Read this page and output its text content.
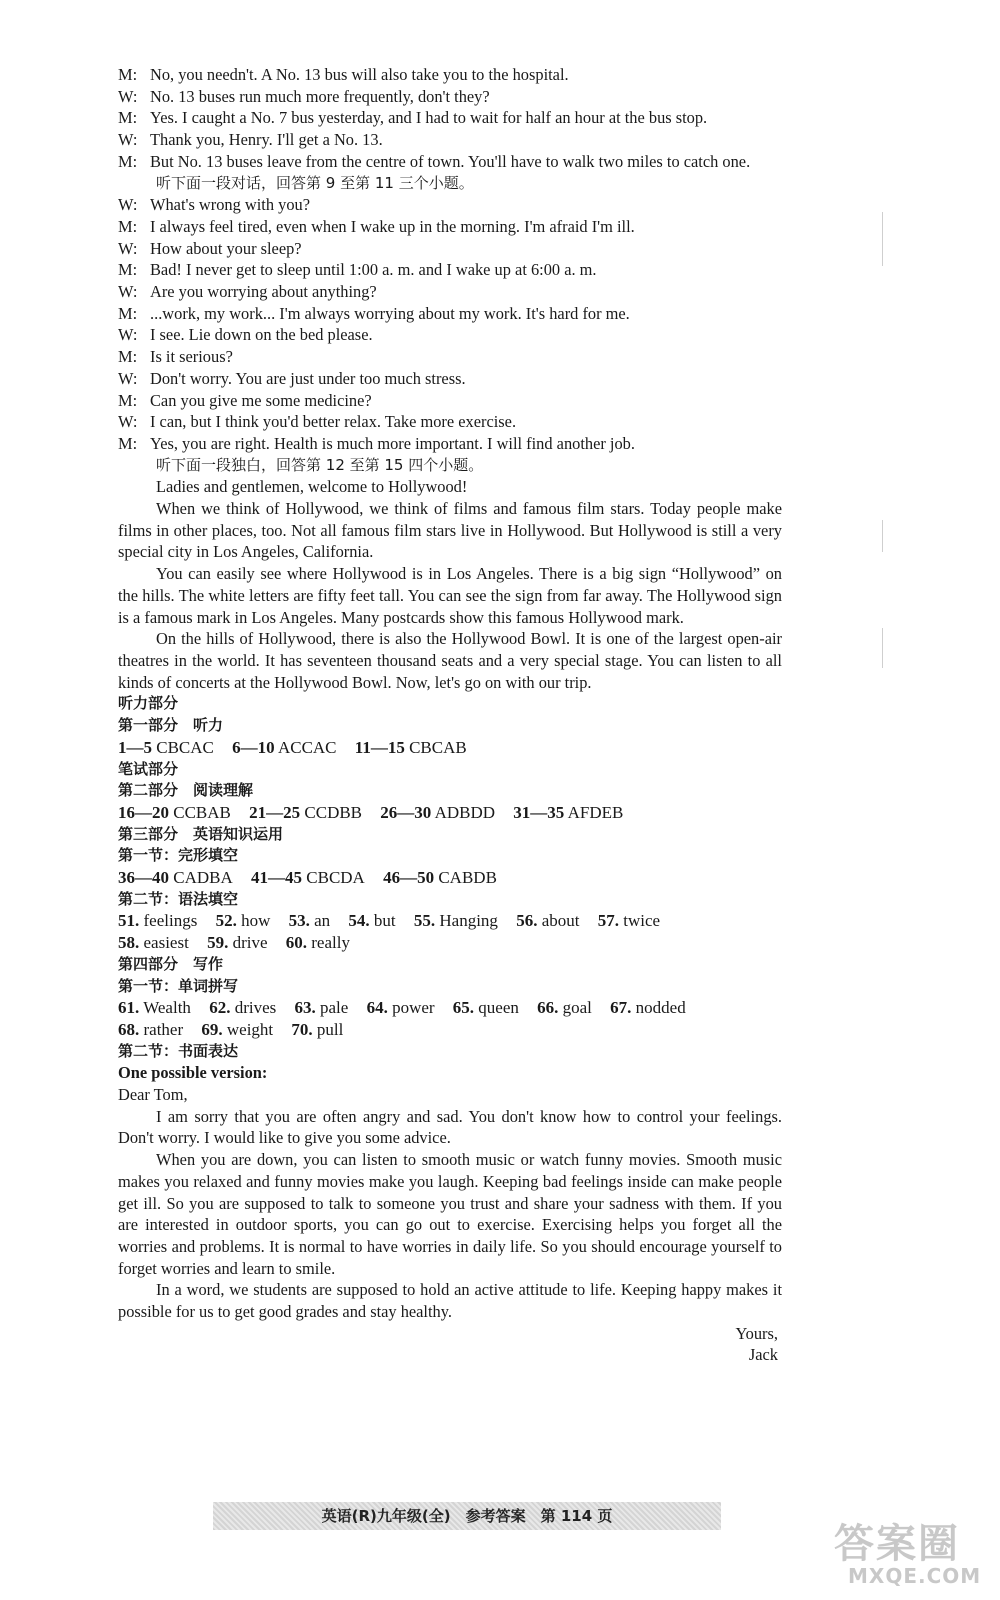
M: No, you needn't. A No. 13 bus will also take you to the hospital.
W: No. 13 buses run much more frequently, don't they?
M: Yes. I caught a No. 7 bus yesterday, and I had to wait for half an hour at the bus stop.
W: Thank you, Henry. I'll get a No. 13.
M: But No. 13 buses leave from the centre of town. You'll have to walk two miles to catch one.
听下面一段对话，回答第 9 至第 11 三个小题。
W: What's wrong with you?
M: I always feel tired, even when I wake up in the morning. I'm afraid I'm ill.
W: How about your sleep?
M: Bad! I never get to sleep until 1:00 a. m. and I wake up at 6:00 a. m.
W: Are you worrying about anything?
M: ...work, my work... I'm always worrying about my work. It's hard for me.
W: I see. Lie down on the bed please.
M: Is it serious?
W: Don't worry. You are just under too much stress.
M: Can you give me some medicine?
W: I can, but I think you'd better relax. Take more exercise.
M: Yes, you are right. Health is much more important. I will find another job.
听下面一段独白，回答第 12 至第 15 四个小题。
Ladies and gentlemen, welcome to Hollywood!
When we think of Hollywood, we think of films and famous film stars. Today people make films in other places, too. Not all famous film stars live in Hollywood. But Hollywood is still a very special city in Los Angeles, California.
You can easily see where Hollywood is in Los Angeles. There is a big sign “Hollywood” on the hills. The white letters are fifty feet tall. You can see the sign from far away. The Hollywood sign is a famous mark in Los Angeles. Many postcards show this famous Hollywood mark.
On the hills of Hollywood, there is also the Hollywood Bowl. It is one of the largest open-air theatres in the world. It has seventeen thousand seats and a very special stage. You can listen to all kinds of concerts at the Hollywood Bowl. Now, let's go on with our trip.
听力部分
第一部分　听力
1—5 CBCAC 6—10 ACCAC 11—15 CBCAB
笔试部分
第二部分　阅读理解
16—20 CCBAB 21—25 CCDBB 26—30 ADBDD 31—35 AFDEB
第三部分　英语知识运用
第一节：完形填空
36—40 CADBA 41—45 CBCDA 46—50 CABDB
第二节：语法填空
51. feelings 52. how 53. an 54. but 55. Hanging 56. about 57. twice
58. easiest 59. drive 60. really
第四部分　写作
第一节：单词拼写
61. Wealth 62. drives 63. pale 64. power 65. queen 66. goal 67. nodded
68. rather 69. weight 70. pull
第二节：书面表达
One possible version:
Dear Tom,
I am sorry that you are often angry and sad. You don't know how to control your feelings. Don't worry. I would like to give you some advice.
When you are down, you can listen to smooth music or watch funny movies. Smooth music makes you relaxed and funny movies make you laugh. Keeping bad feelings inside can make people get ill. So you are supposed to talk to someone you trust and share your sadness with them. If you are interested in outdoor sports, you can go out to exercise. Exercising helps you forget all the worries and problems. It is normal to have worries in daily life. So you should encourage yourself to forget worries and learn to smile.
In a word, we students are supposed to hold an active attitude to life. Keeping happy makes it possible for us to get good grades and stay healthy.
Yours,
Jack
英语(R)九年级(全)　参考答案　第 114 页
答案圈
MXQE.COM
